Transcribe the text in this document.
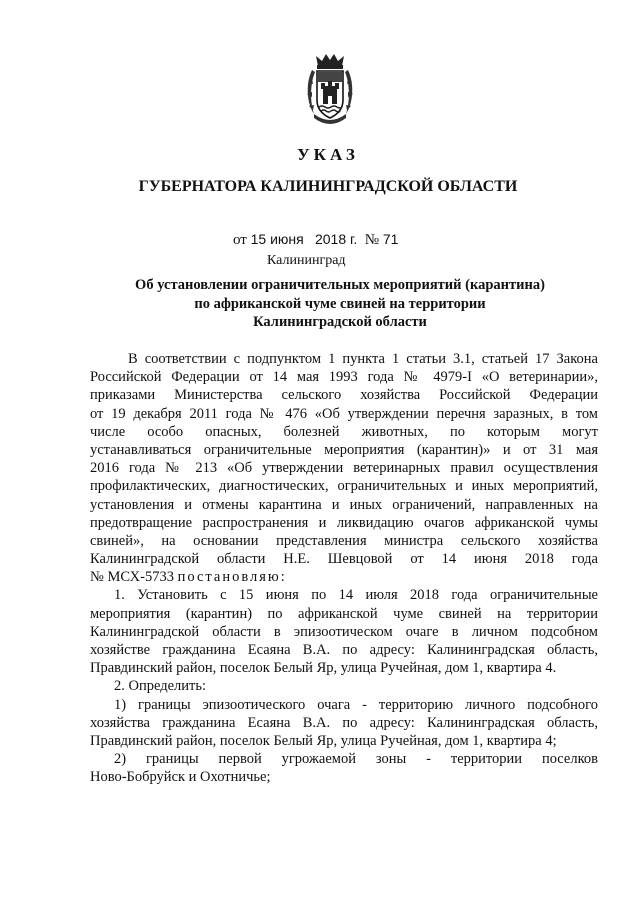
УКАЗ
ГУБЕРНАТОРА КАЛИНИНГРАДСКОЙ ОБЛАСТИ
от 15 июня 2018 г. № 71
Калининград
Об установлении ограничительных мероприятий (карантина)
по африканской чуме свиней на территории
Калининградской области
В соответствии с подпунктом 1 пункта 1 статьи 3.1, статьей 17 Закона
Российской Федерации от 14 мая 1993 года № 4979-I «О ветеринарии»,
приказами Министерства сельского хозяйства Российской Федерации
от 19 декабря 2011 года № 476 «Об утверждении перечня заразных, в том
числе особо опасных, болезней животных, по которым могут
устанавливаться ограничительные мероприятия (карантин)» и от 31 мая
2016 года № 213 «Об утверждении ветеринарных правил осуществления
профилактических, диагностических, ограничительных и иных мероприятий,
установления и отмены карантина и иных ограничений, направленных на
предотвращение распространения и ликвидацию очагов африканской чумы
свиней», на основании представления министра сельского хозяйства
Калининградской области Н.Е. Шевцовой от 14 июня 2018 года
№ МСХ-5733 постановляю:
1. Установить с 15 июня по 14 июля 2018 года ограничительные
мероприятия (карантин) по африканской чуме свиней на территории
Калининградской области в эпизоотическом очаге в личном подсобном
хозяйстве гражданина Есаяна В.А. по адресу: Калининградская область,
Правдинский район, поселок Белый Яр, улица Ручейная, дом 1, квартира 4.
2. Определить:
1) границы эпизоотического очага - территорию личного подсобного
хозяйства гражданина Есаяна В.А. по адресу: Калининградская область,
Правдинский район, поселок Белый Яр, улица Ручейная, дом 1, квартира 4;
2) границы первой угрожаемой зоны - территории поселков
Ново-Бобруйск и Охотничье;
